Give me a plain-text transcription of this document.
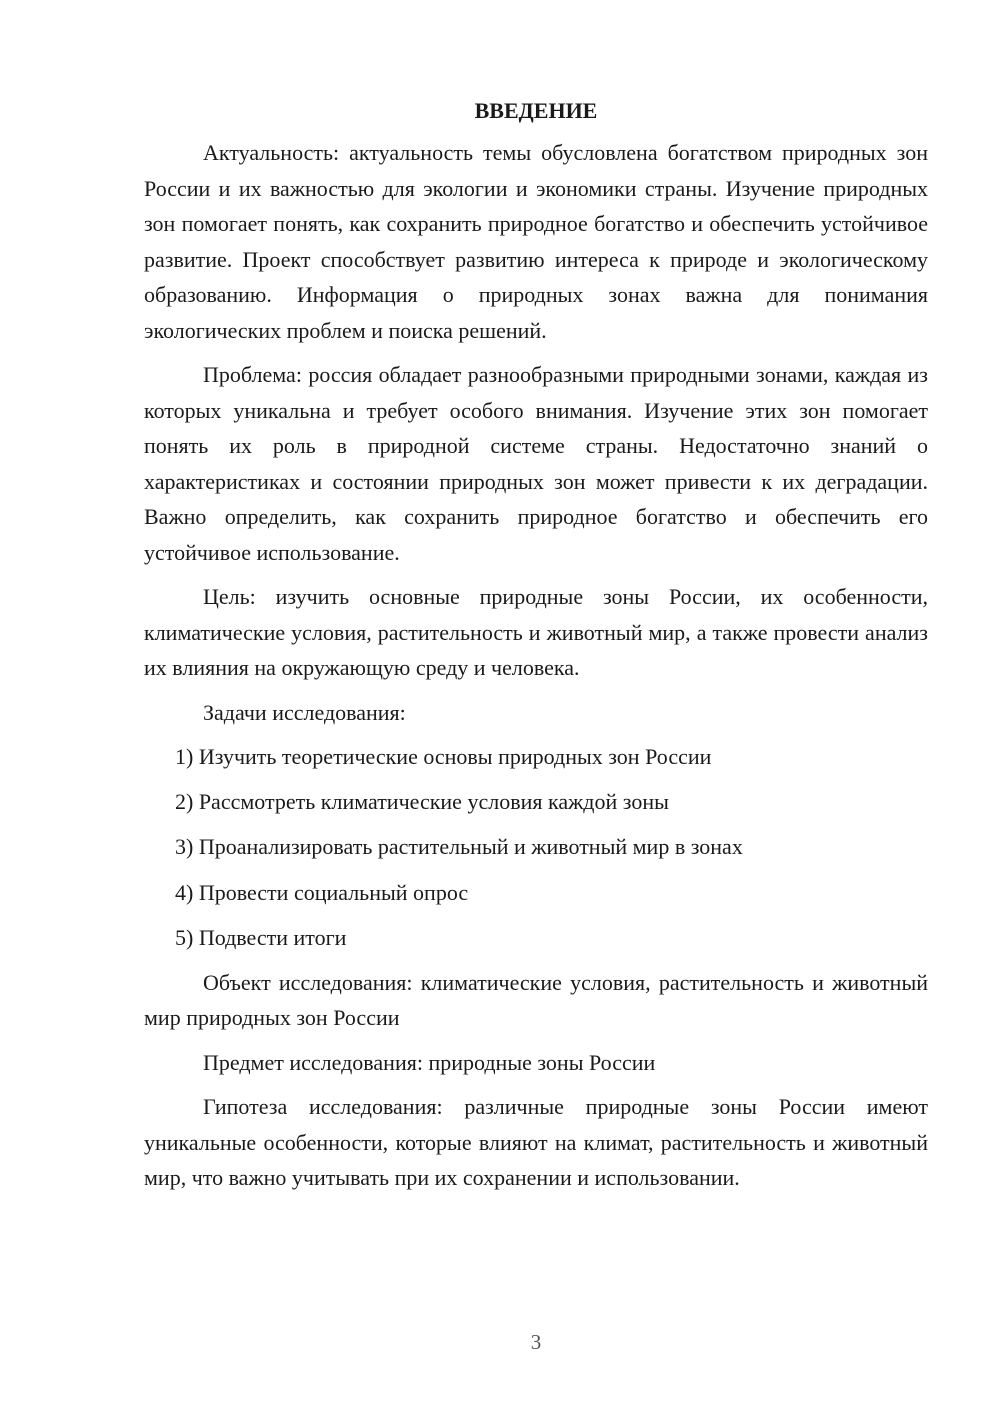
ВВЕДЕНИЕ

Актуальность: актуальность темы обусловлена богатством природных зон России и их важностью для экологии и экономики страны. Изучение природных зон помогает понять, как сохранить природное богатство и обеспечить устойчивое развитие. Проект способствует развитию интереса к природе и экологическому образованию. Информация о природных зонах важна для понимания экологических проблем и поиска решений.

Проблема: россия обладает разнообразными природными зонами, каждая из которых уникальна и требует особого внимания. Изучение этих зон помогает понять их роль в природной системе страны. Недостаточно знаний о характеристиках и состоянии природных зон может привести к их деградации. Важно определить, как сохранить природное богатство и обеспечить его устойчивое использование.

Цель: изучить основные природные зоны России, их особенности, климатические условия, растительность и животный мир, а также провести анализ их влияния на окружающую среду и человека.

Задачи исследования:

1) Изучить теоретические основы природных зон России
2) Рассмотреть климатические условия каждой зоны
3) Проанализировать растительный и животный мир в зонах
4) Провести социальный опрос
5) Подвести итоги

Объект исследования: климатические условия, растительность и животный мир природных зон России

Предмет исследования: природные зоны России

Гипотеза исследования: различные природные зоны России имеют уникальные особенности, которые влияют на климат, растительность и животный мир, что важно учитывать при их сохранении и использовании.

3
